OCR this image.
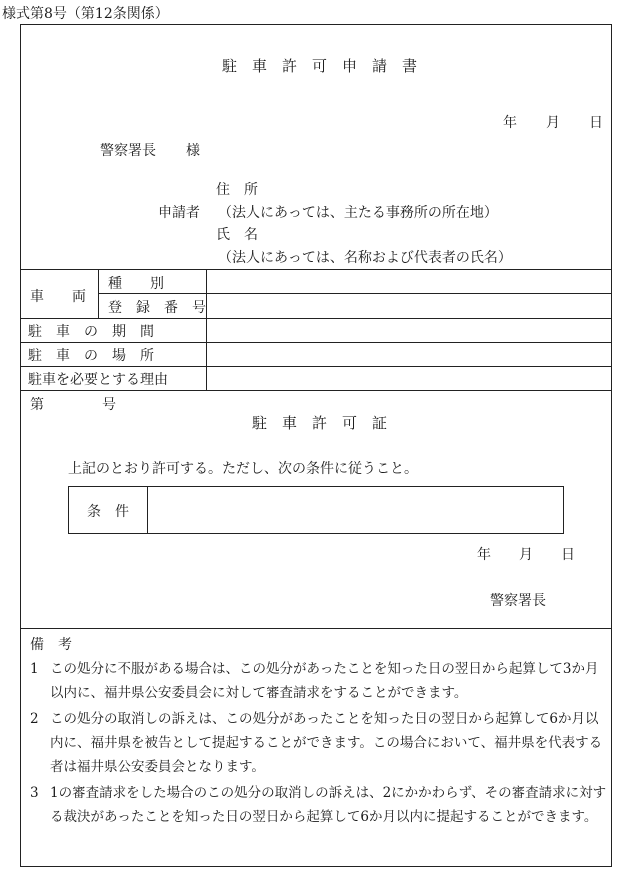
様式第8号（第12条関係）
駐　車　許　可　申　請　書
年 月 日
警察署長 様
住　所
申請者 （法人にあっては、主たる事務所の所在地）
氏　名
（法人にあっては、名称および代表者の氏名）
車　　両
種　　別
登　録　番　号
駐　車　の　期　間
駐　車　の　場　所
駐車を必要とする理由
第	号
駐　車　許　可　証
上記のとおり許可する。ただし、次の条件に従うこと。
条　件
年 月 日
警察署長
備　考
1 この処分に不服がある場合は、この処分があったことを知った日の翌日から起算して3か月以内に、福井県公安委員会に対して審査請求をすることができます。
2 この処分の取消しの訴えは、この処分があったことを知った日の翌日から起算して6か月以内に、福井県を被告として提起することができます。この場合において、福井県を代表する者は福井県公安委員会となります。
3 1の審査請求をした場合のこの処分の取消しの訴えは、2にかかわらず、その審査請求に対する裁決があったことを知った日の翌日から起算して6か月以内に提起することができます。
